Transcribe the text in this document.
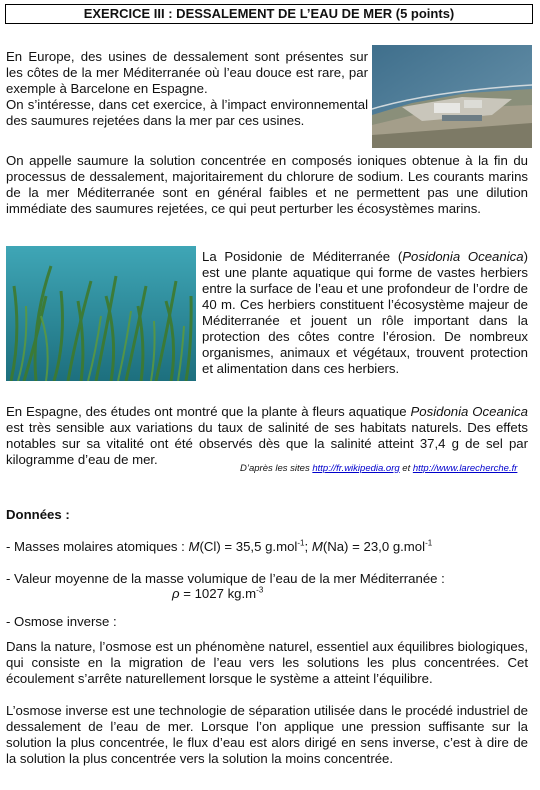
EXERCICE III : DESSALEMENT DE L’EAU DE MER (5 points)

En Europe, des usines de dessalement sont présentes sur les côtes de la mer Méditerranée où l’eau douce est rare, par exemple à Barcelone en Espagne.

On s’intéresse, dans cet exercice, à l’impact environnemental des saumures rejetées dans la mer par ces usines.

On appelle saumure la solution concentrée en composés ioniques obtenue à la fin du processus de dessalement, majoritairement du chlorure de sodium. Les courants marins de la mer Méditerranée sont en général faibles et ne permettent pas une dilution immédiate des saumures rejetées, ce qui peut perturber les écosystèmes marins.

La Posidonie de Méditerranée (Posidonia Oceanica) est une plante aquatique qui forme de vastes herbiers entre la surface de l’eau et une profondeur de l’ordre de 40 m. Ces herbiers constituent l’écosystème majeur de Méditerranée et jouent un rôle important dans la protection des côtes contre l’érosion. De nombreux organismes, animaux et végétaux, trouvent protection et alimentation dans ces herbiers.

En Espagne, des études ont montré que la plante à fleurs aquatique Posidonia Oceanica est très sensible aux variations du taux de salinité de ses habitats naturels. Des effets notables sur sa vitalité ont été observés dès que la salinité atteint 37,4 g de sel par kilogramme d’eau de mer.

D’après les sites http://fr.wikipedia.org et http://www.larecherche.fr

Données :

- Masses molaires atomiques : M(Cl) = 35,5 g.mol$^{-1}$; M(Na) = 23,0 g.mol$^{-1}$

- Valeur moyenne de la masse volumique de l’eau de la mer Méditerranée :

ρ = 1027 $kg.m^{-3}$

- Osmose inverse :

Dans la nature, l’osmose est un phénomène naturel, essentiel aux équilibres biologiques, qui consiste en la migration de l’eau vers les solutions les plus concentrées. Cet écoulement s’arrête naturellement lorsque le système a atteint l’équilibre.

L’osmose inverse est une technologie de séparation utilisée dans le procédé industriel de dessalement de l’eau de mer. Lorsque l’on applique une pression suffisante sur la solution la plus concentrée, le flux d’eau est alors dirigé en sens inverse, c’est à dire de la solution la plus concentrée vers la solution la moins concentrée.
